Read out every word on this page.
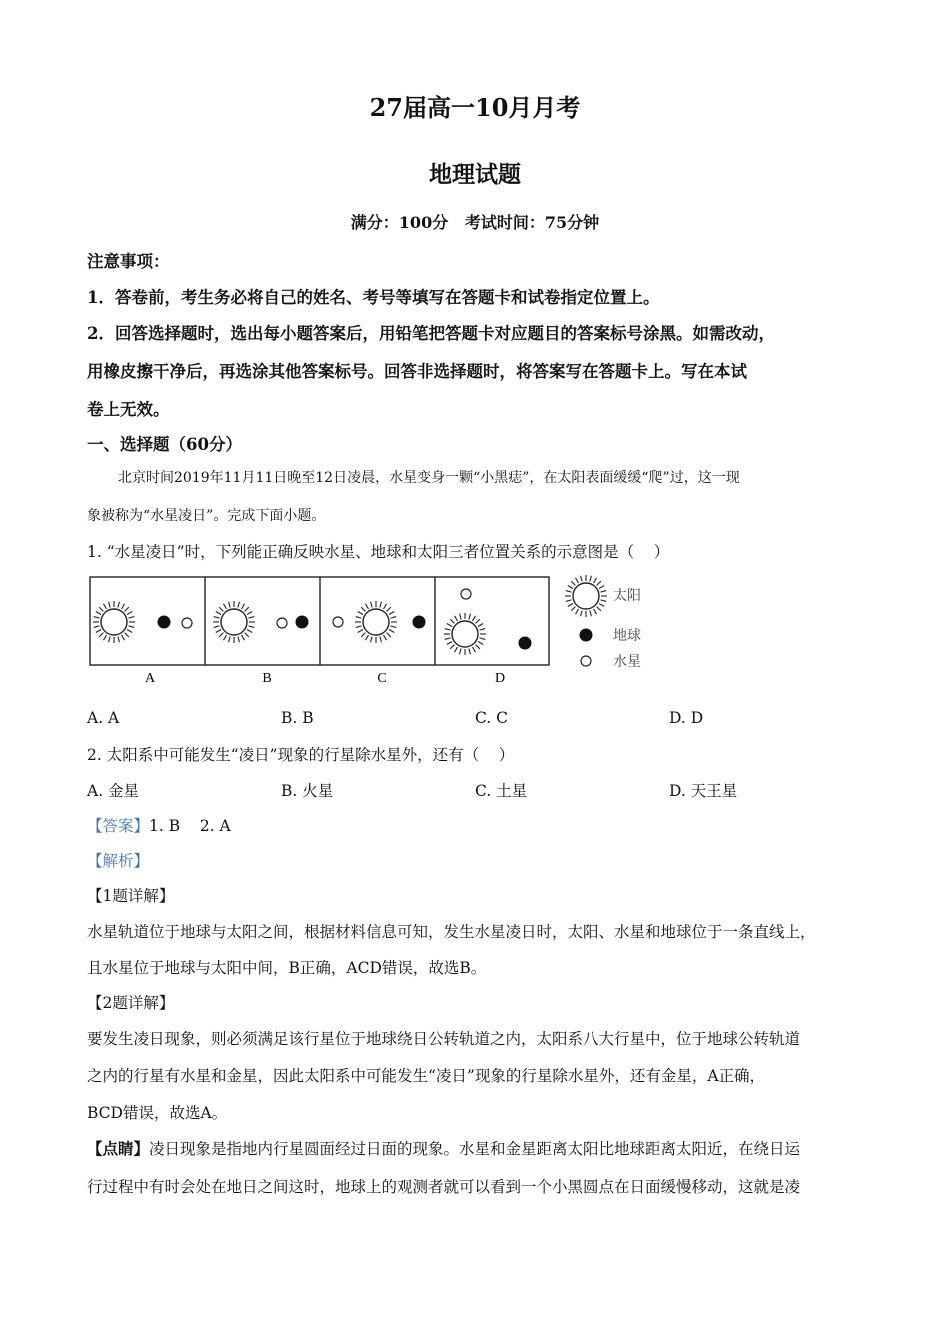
27届高一10月月考
地理试题
满分：100分   考试时间：75分钟
注意事项：
1．答卷前，考生务必将自己的姓名、考号等填写在答题卡和试卷指定位置上。
2．回答选择题时，选出每小题答案后，用铅笔把答题卡对应题目的答案标号涂黑。如需改动，
用橡皮擦干净后，再选涂其他答案标号。回答非选择题时，将答案写在答题卡上。写在本试
卷上无效。
一、选择题（60分）
北京时间2019年11月11日晚至12日凌晨，水星变身一颗“小黑痣”，在太阳表面缓缓“爬”过，这一现
象被称为“水星凌日”。完成下面小题。
1. “水星凌日”时，下列能正确反映水星、地球和太阳三者位置关系的示意图是（    ）
A	B	C	D
太阳
地球
水星
A. A	B. B	C. C	D. D
2. 太阳系中可能发生“凌日”现象的行星除水星外，还有（    ）
A. 金星	B. 火星	C. 土星	D. 天王星
【答案】1. B    2. A
【解析】
【1题详解】
水星轨道位于地球与太阳之间，根据材料信息可知，发生水星凌日时，太阳、水星和地球位于一条直线上，
且水星位于地球与太阳中间，B正确，ACD错误，故选B。
【2题详解】
要发生凌日现象，则必须满足该行星位于地球绕日公转轨道之内，太阳系八大行星中，位于地球公转轨道
之内的行星有水星和金星，因此太阳系中可能发生“凌日”现象的行星除水星外，还有金星，A正确，
BCD错误，故选A。
【点睛】凌日现象是指地内行星圆面经过日面的现象。水星和金星距离太阳比地球距离太阳近，在绕日运
行过程中有时会处在地日之间这时，地球上的观测者就可以看到一个小黑圆点在日面缓慢移动，这就是凌
